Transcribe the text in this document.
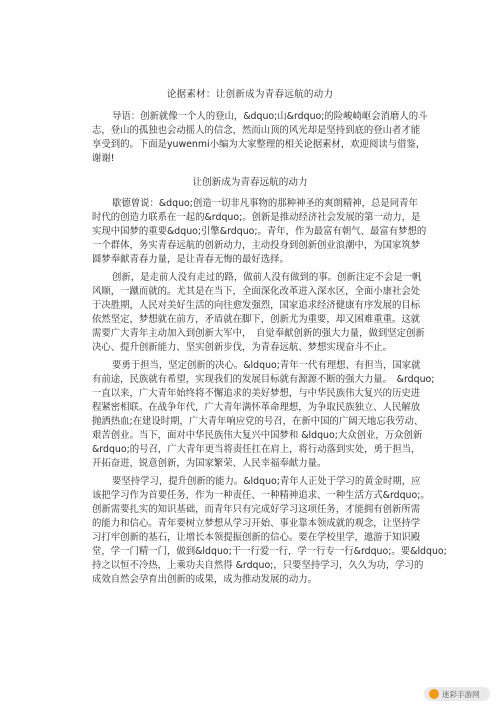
论据素材：让创新成为青春远航的动力
导语：创新就像一个人的登山，&dquo;山&rdquo;的险峻崎岖会消磨人的斗
志，登山的孤独也会动摇人的信念，然而山顶的风光却是坚持到底的登山者才能
享受到的。下面是yuwenmi小编为大家整理的相关论据素材，欢迎阅读与借鉴，
谢谢!
让创新成为青春远航的动力
歇德曾说：&dquo;创造一切非凡事物的那种神圣的爽朗精神，总是同青年
时代的创造力联系在一起的&rdquo;。创新是推动经济社会发展的第一动力，是
实现中国梦的重要&dquo;引擎&rdquo;。青年，作为最富有朝气、最富有梦想的
一个群体，务实青春远航的创新动力，主动投身到创新创业浪潮中，为国家筑梦
圆梦奉献青春力量，是让青春无悔的最好选择。
创新，是走前人没有走过的路，做前人没有做到的事。创新注定不会是一帆
风顺，一蹴而就的。尤其是在当下，全面深化改革进入深水区，全面小康社会处
于决胜期，人民对美好生活的向往愈发强烈，国家追求经济健康有序发展的目标
依然坚定，梦想就在前方，矛盾就在脚下，创新尤为重要，却又困难重重。这就
需要广大青年主动加入到创新大军中，　自觉奉献创新的强大力量，做到坚定创新
决心、提升创新能力、坚实创新步伐，为青春远航、梦想实现奋斗不止。
要勇于担当，坚定创新的决心。&ldquo;青年一代有理想、有担当，国家就
有前途，民族就有希望，实现我们的发展目标就有源源不断的强大力量。　&rdquo;
一直以来，广大青年始终将不懈追求的美好梦想，与中华民族伟大复兴的历史进
程紧密相联。在战争年代，广大青年满怀革命理想，为争取民族独立、人民解放
抛洒热血;在建设时期，广大青年响应党的号召，在新中国的广阔天地忘我劳动、
艰苦创业。当下，面对中华民族伟大复兴中国梦和 &ldquo;大众创业，万众创新
&rdquo;的号召，广大青年更当将责任扛在肩上，将行动落到实处，勇于担当，
开拓奋进，锐意创新，为国家繁荣、人民幸福奉献力量。
要坚持学习，提升创新的能力。&ldquo;青年人正处于学习的黄金时期，应
该把学习作为首要任务，作为一种责任、一种精神追求、一种生活方式&rdquo;。
创新需要扎实的知识基础，而青年只有完成好学习这项任务，才能拥有创新所需
的能力和信心。青年要树立梦想从学习开始、事业靠本领成就的观念，让坚持学
习打牢创新的基石，让增长本领提振创新的信心。要在学校里学，遨游于知识殿
堂，学一门精一门，做到&ldquo;干一行爱一行，学一行专一行&rdquo;。要&ldquo;
持之以恒不冷热，上乘功夫自然得 &rdquo;，只要坚持学习，久久为功，学习的
成效自然会孕育出创新的成果，成为推动发展的动力。
迷彩手游网
